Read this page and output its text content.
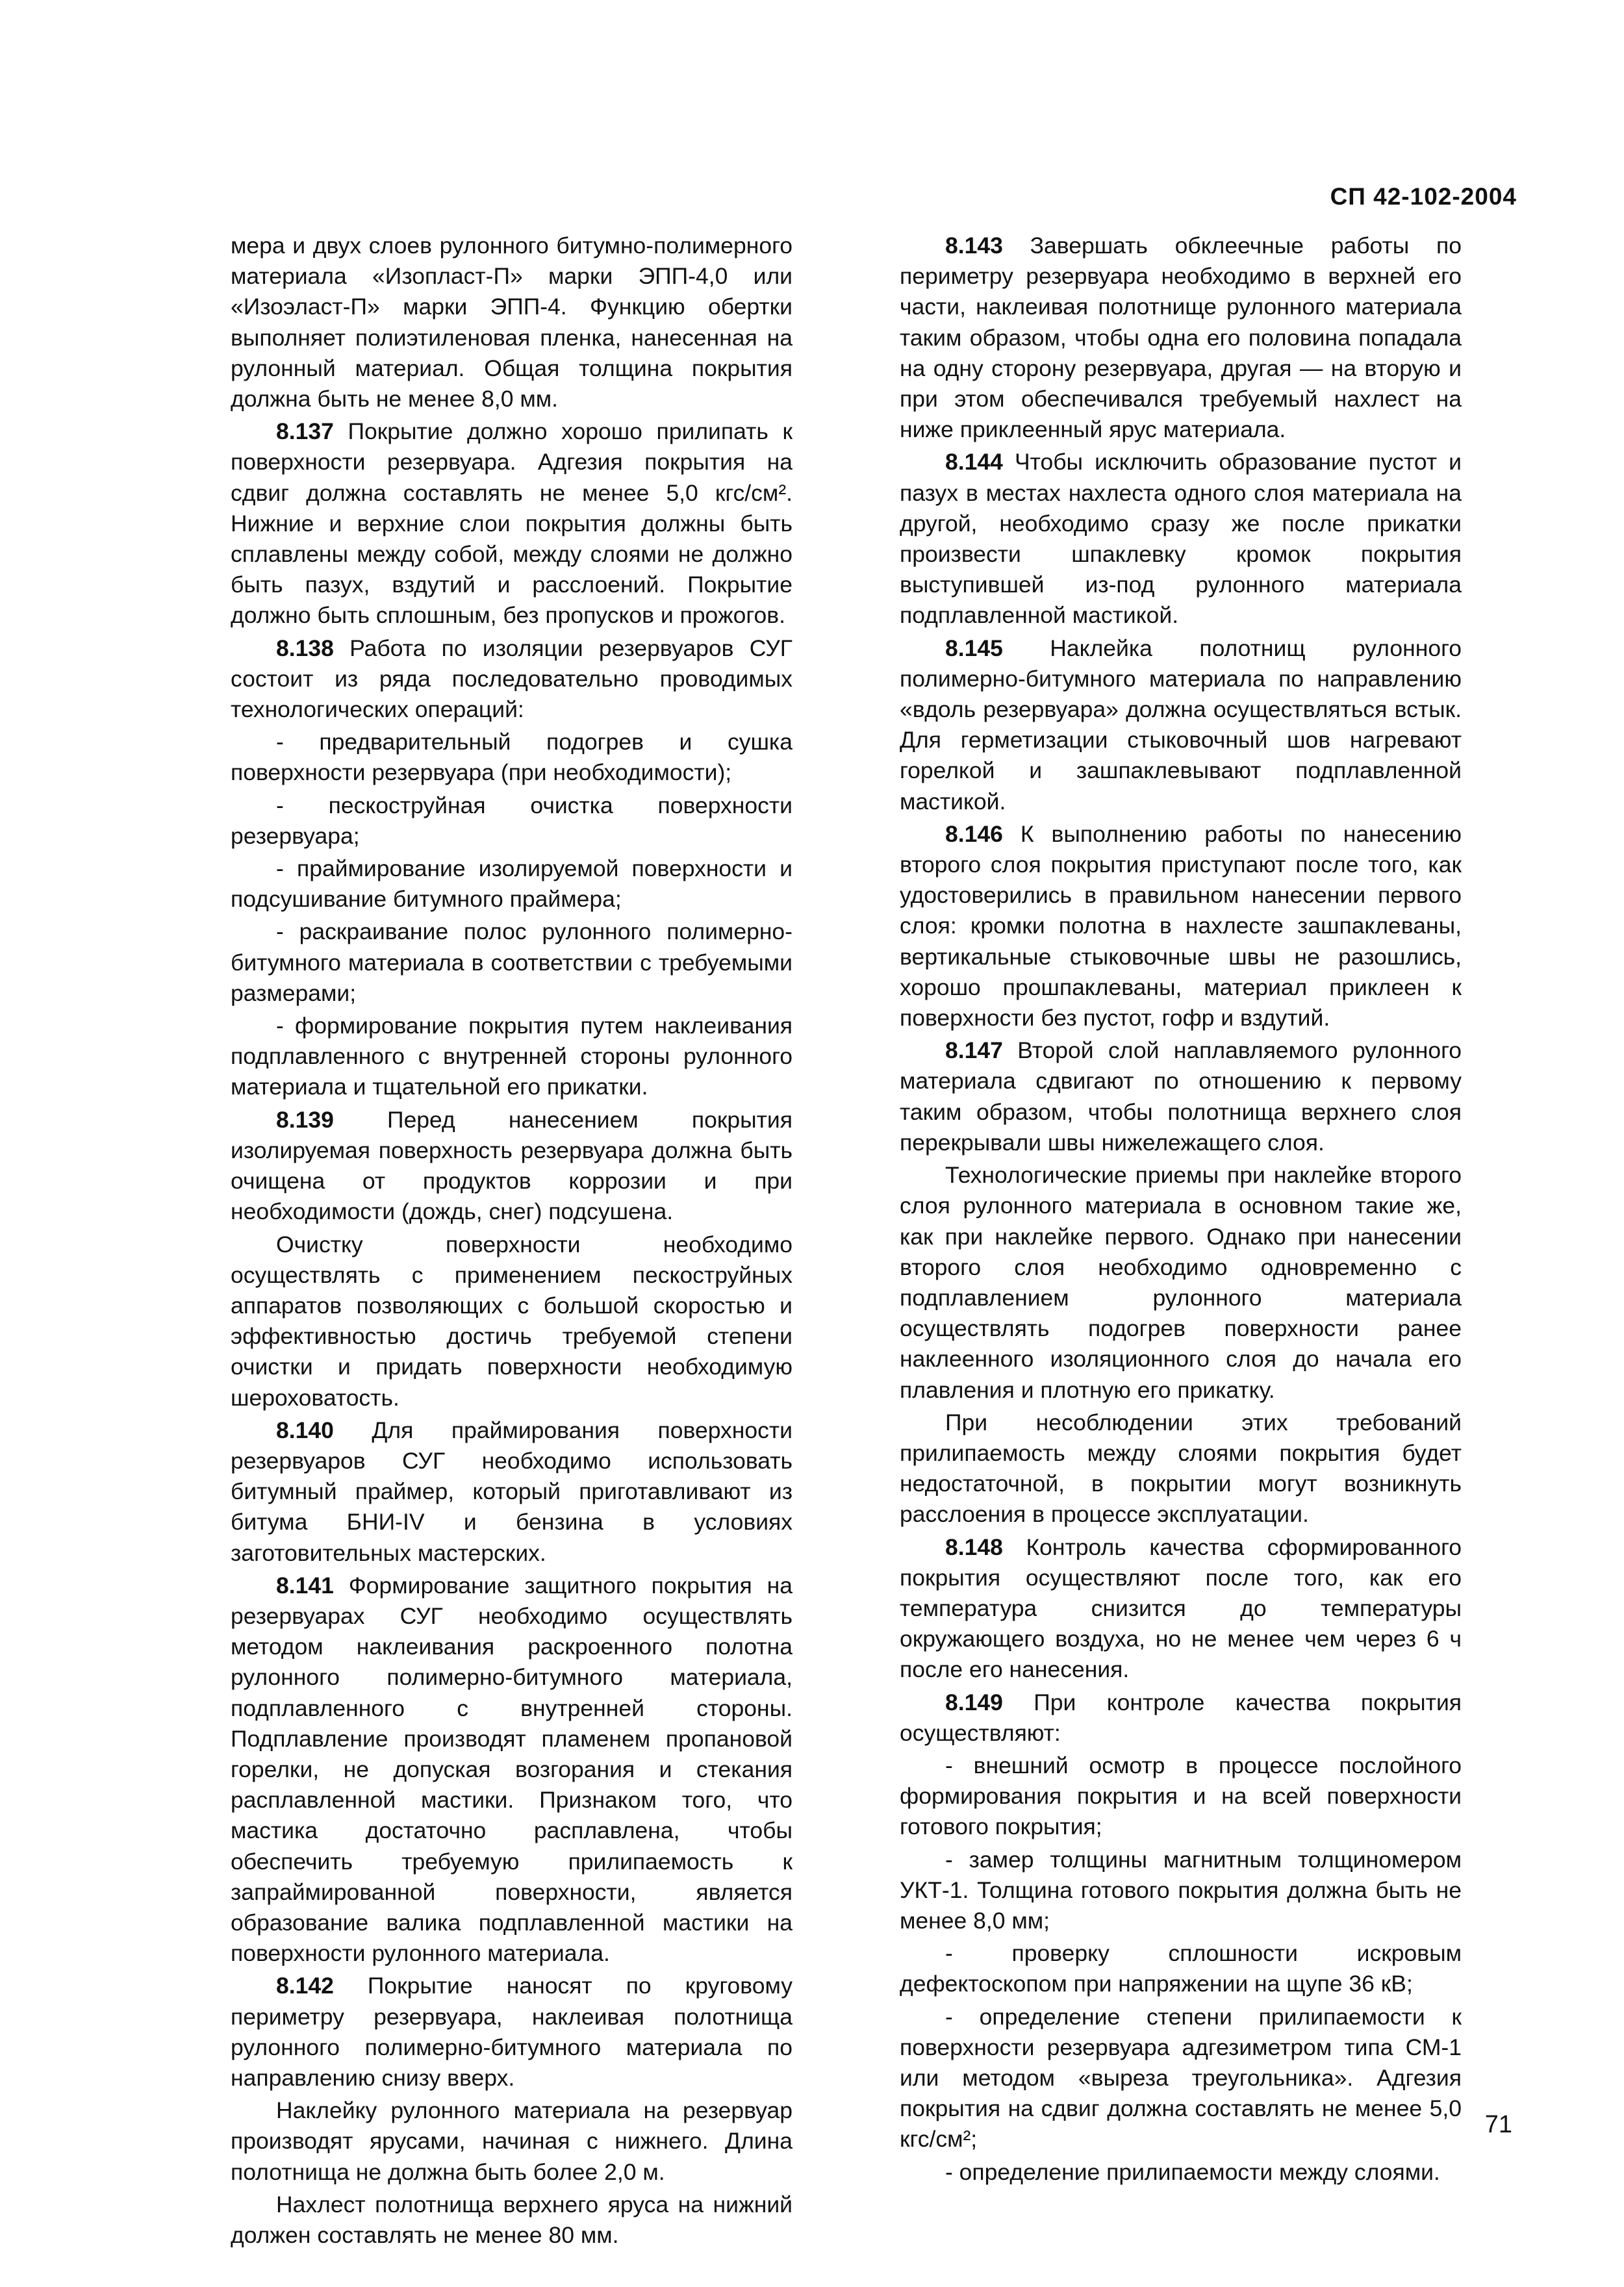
СП 42-102-2004

мера и двух слоев рулонного битумно-полимерного материала «Изопласт-П» марки ЭПП-4,0 или «Изоэласт-П» марки ЭПП-4. Функцию обертки выполняет полиэтиленовая пленка, нанесенная на рулонный материал. Общая толщина покрытия должна быть не менее 8,0 мм.

8.137 Покрытие должно хорошо прилипать к поверхности резервуара. Адгезия покрытия на сдвиг должна составлять не менее 5,0 кгс/см². Нижние и верхние слои покрытия должны быть сплавлены между собой, между слоями не должно быть пазух, вздутий и расслоений. Покрытие должно быть сплошным, без пропусков и прожогов.

8.138 Работа по изоляции резервуаров СУГ состоит из ряда последовательно проводимых технологических операций:

- предварительный подогрев и сушка поверхности резервуара (при необходимости);

- пескоструйная очистка поверхности резервуара;

- праймирование изолируемой поверхности и подсушивание битумного праймера;

- раскраивание полос рулонного полимерно-битумного материала в соответствии с требуемыми размерами;

- формирование покрытия путем наклеивания подплавленного с внутренней стороны рулонного материала и тщательной его прикатки.

8.139 Перед нанесением покрытия изолируемая поверхность резервуара должна быть очищена от продуктов коррозии и при необходимости (дождь, снег) подсушена.

Очистку поверхности необходимо осуществлять с применением пескоструйных аппаратов позволяющих с большой скоростью и эффективностью достичь требуемой степени очистки и придать поверхности необходимую шероховатость.

8.140 Для праймирования поверхности резервуаров СУГ необходимо использовать битумный праймер, который приготавливают из битума БНИ-IV и бензина в условиях заготовительных мастерских.

8.141 Формирование защитного покрытия на резервуарах СУГ необходимо осуществлять методом наклеивания раскроенного полотна рулонного полимерно-битумного материала, подплавленного с внутренней стороны. Подплавление производят пламенем пропановой горелки, не допуская возгорания и стекания расплавленной мастики. Признаком того, что мастика достаточно расплавлена, чтобы обеспечить требуемую прилипаемость к запраймированной поверхности, является образование валика подплавленной мастики на поверхности рулонного материала.

8.142 Покрытие наносят по круговому периметру резервуара, наклеивая полотнища рулонного полимерно-битумного материала по направлению снизу вверх.

Наклейку рулонного материала на резервуар производят ярусами, начиная с нижнего. Длина полотнища не должна быть более 2,0 м.

Нахлест полотнища верхнего яруса на нижний должен составлять не менее 80 мм.

8.143 Завершать обклеечные работы по периметру резервуара необходимо в верхней его части, наклеивая полотнище рулонного материала таким образом, чтобы одна его половина попадала на одну сторону резервуара, другая — на вторую и при этом обеспечивался требуемый нахлест на ниже приклеенный ярус материала.

8.144 Чтобы исключить образование пустот и пазух в местах нахлеста одного слоя материала на другой, необходимо сразу же после прикатки произвести шпаклевку кромок покрытия выступившей из-под рулонного материала подплавленной мастикой.

8.145 Наклейка полотнищ рулонного полимерно-битумного материала по направлению «вдоль резервуара» должна осуществляться встык. Для герметизации стыковочный шов нагревают горелкой и зашпаклевывают подплавленной мастикой.

8.146 К выполнению работы по нанесению второго слоя покрытия приступают после того, как удостоверились в правильном нанесении первого слоя: кромки полотна в нахлесте зашпаклеваны, вертикальные стыковочные швы не разошлись, хорошо прошпаклеваны, материал приклеен к поверхности без пустот, гофр и вздутий.

8.147 Второй слой наплавляемого рулонного материала сдвигают по отношению к первому таким образом, чтобы полотнища верхнего слоя перекрывали швы нижележащего слоя.

Технологические приемы при наклейке второго слоя рулонного материала в основном такие же, как при наклейке первого. Однако при нанесении второго слоя необходимо одновременно с подплавлением рулонного материала осуществлять подогрев поверхности ранее наклеенного изоляционного слоя до начала его плавления и плотную его прикатку.

При несоблюдении этих требований прилипаемость между слоями покрытия будет недостаточной, в покрытии могут возникнуть расслоения в процессе эксплуатации.

8.148 Контроль качества сформированного покрытия осуществляют после того, как его температура снизится до температуры окружающего воздуха, но не менее чем через 6 ч после его нанесения.

8.149 При контроле качества покрытия осуществляют:

- внешний осмотр в процессе послойного формирования покрытия и на всей поверхности готового покрытия;

- замер толщины магнитным толщиномером УКТ-1. Толщина готового покрытия должна быть не менее 8,0 мм;

- проверку сплошности искровым дефектоскопом при напряжении на щупе 36 кВ;

- определение степени прилипаемости к поверхности резервуара адгезиметром типа СМ-1 или методом «выреза треугольника». Адгезия покрытия на сдвиг должна составлять не менее 5,0 кгс/см²;

- определение прилипаемости между слоями.

71
